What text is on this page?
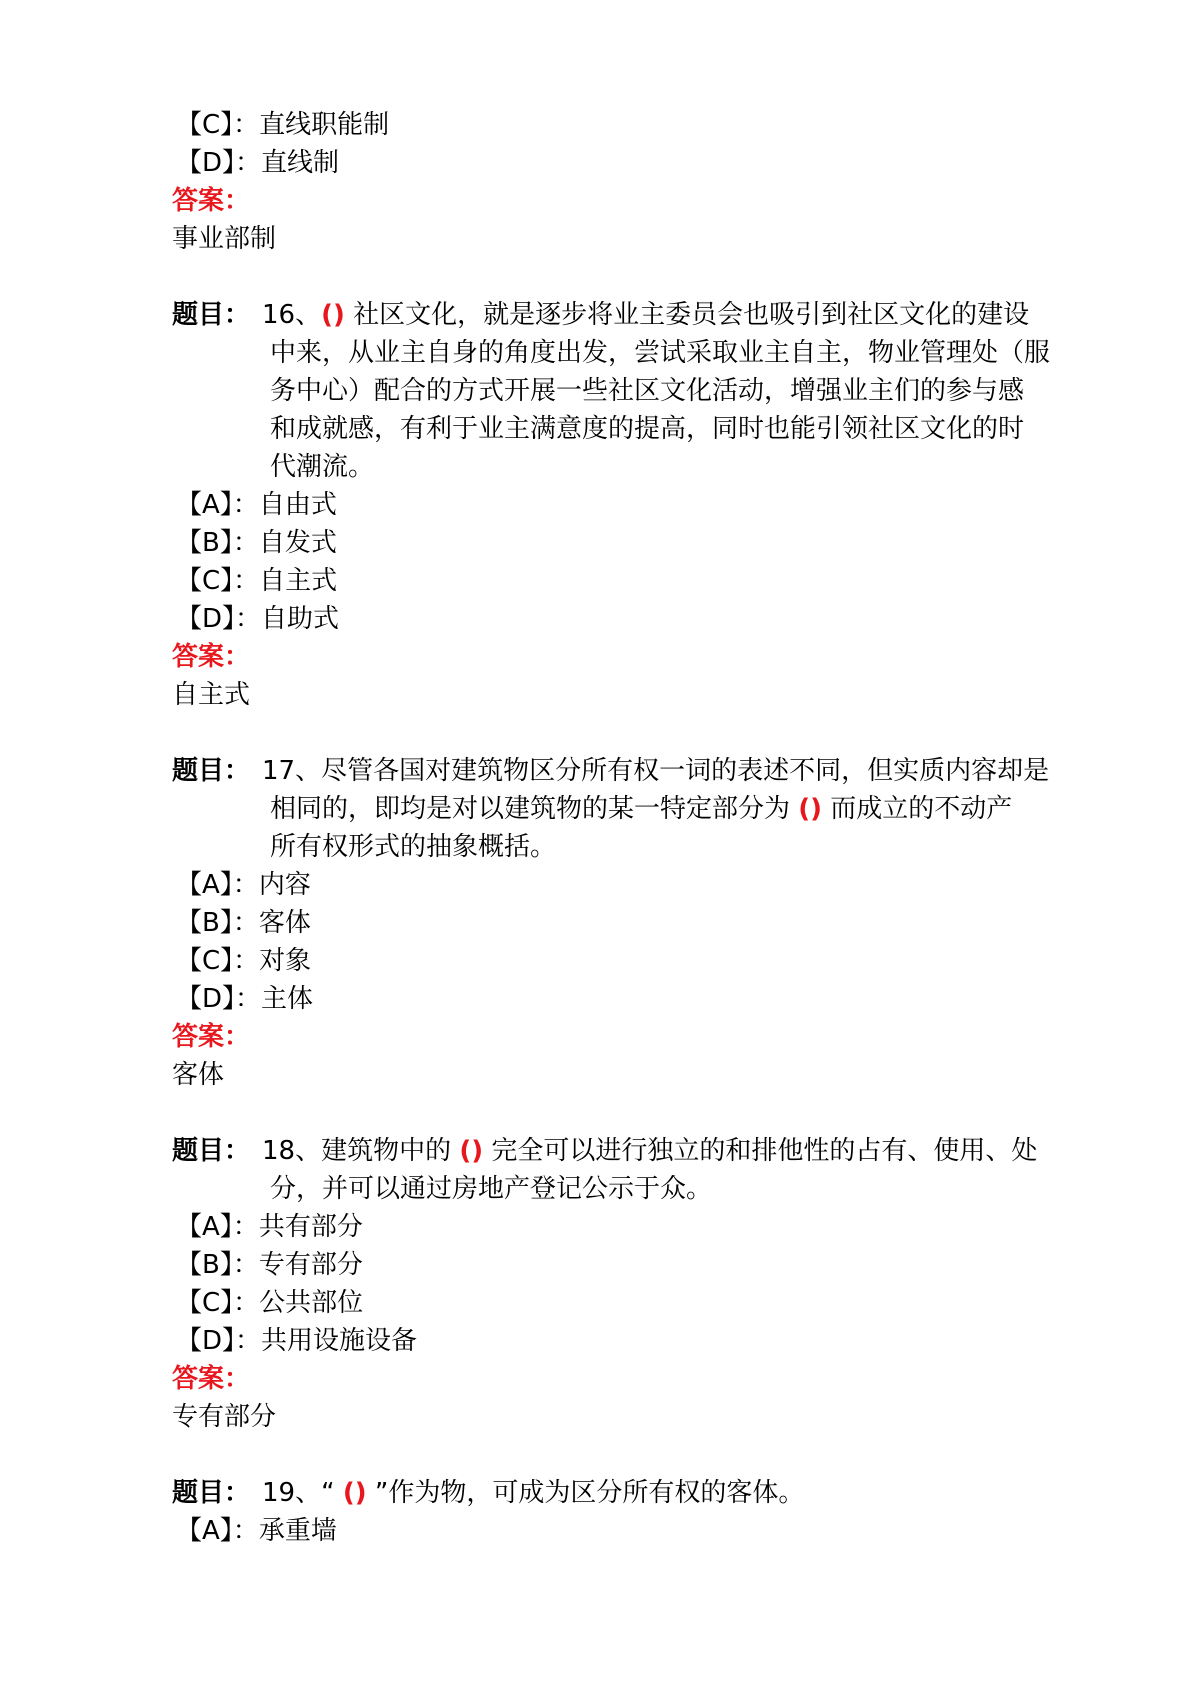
【C】：直线职能制
【D】：直线制
答案：
事业部制
题目： 16、() 社区文化，就是逐步将业主委员会也吸引到社区文化的建设
中来，从业主自身的角度出发，尝试采取业主自主，物业管理处（服
务中心）配合的方式开展一些社区文化活动，增强业主们的参与感
和成就感，有利于业主满意度的提高，同时也能引领社区文化的时
代潮流。
【A】：自由式
【B】：自发式
【C】：自主式
【D】：自助式
答案：
自主式
题目： 17、尽管各国对建筑物区分所有权一词的表述不同，但实质内容却是
相同的，即均是对以建筑物的某一特定部分为 () 而成立的不动产
所有权形式的抽象概括。
【A】：内容
【B】：客体
【C】：对象
【D】：主体
答案：
客体
题目： 18、建筑物中的 () 完全可以进行独立的和排他性的占有、使用、处
分，并可以通过房地产登记公示于众。
【A】：共有部分
【B】：专有部分
【C】：公共部位
【D】：共用设施设备
答案：
专有部分
题目： 19、“ () ”作为物，可成为区分所有权的客体。
【A】：承重墙
